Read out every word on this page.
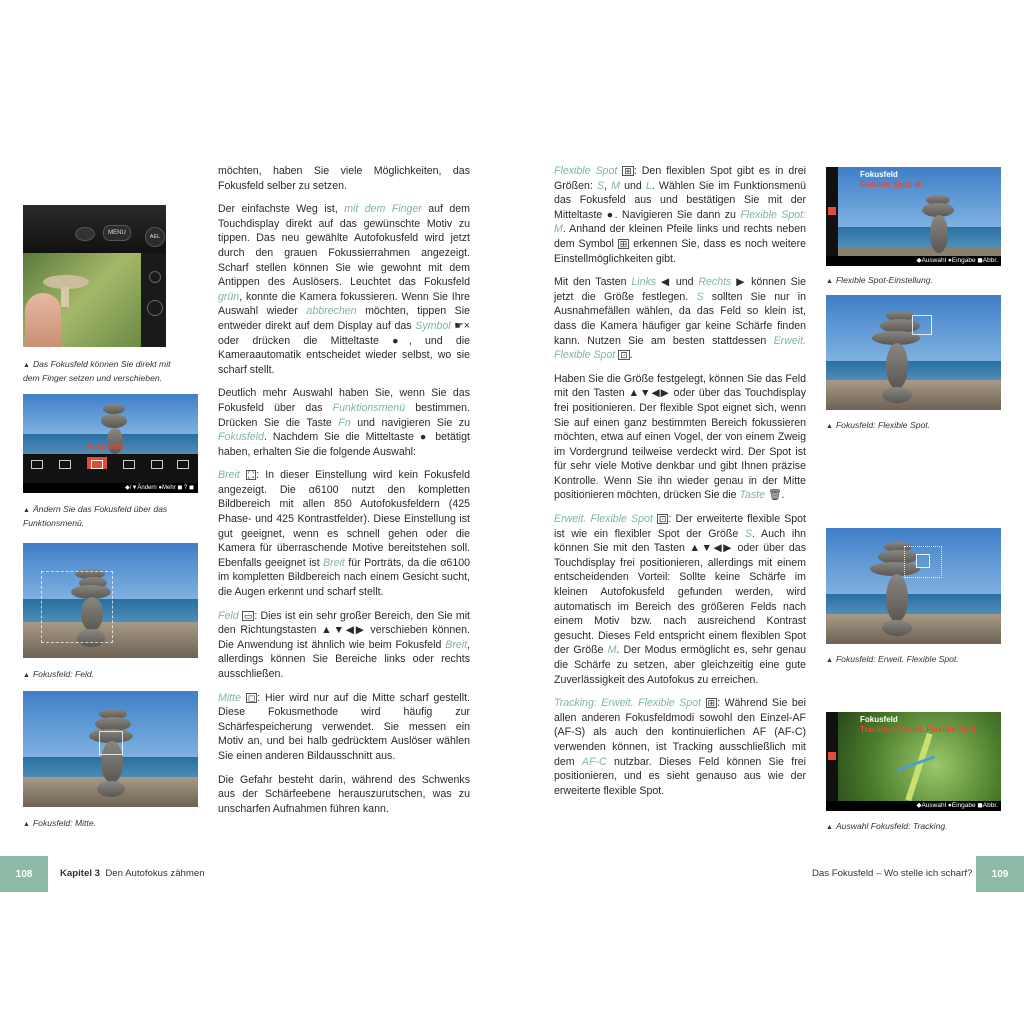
MENU
AEL
▲ Das Fokusfeld können Sie direkt mit dem Finger setzen und verschieben.
Fokusfeld
◆/▼Ändern ●Mehr ◼ ? ◼
▲ Ändern Sie das Fokusfeld über das Funktionsmenü.
▲ Fokusfeld: Feld.
▲ Fokusfeld: Mitte.

möchten, haben Sie viele Möglichkeiten, das Fokusfeld selber zu setzen.

Der einfachste Weg ist, mit dem Finger auf dem Touchdisplay direkt auf das gewünschte Motiv zu tippen. Das neu gewählte Autofokusfeld wird jetzt durch den grauen Fokussierrahmen angezeigt. Scharf stellen können Sie wie gewohnt mit dem Antippen des Auslösers. Leuchtet das Fokusfeld grün, konnte die Kamera fokussieren. Wenn Sie Ihre Auswahl wieder abbrechen möchten, tippen Sie entweder direkt auf dem Display auf das Symbol ☛× oder drücken die Mitteltaste ●, und die Kameraautomatik entscheidet wieder selbst, wo sie scharf stellt.

Deutlich mehr Auswahl haben Sie, wenn Sie das Fokusfeld über das Funktionsmenü bestimmen. Drücken Sie die Taste Fn und navigieren Sie zu Fokusfeld. Nachdem Sie die Mitteltaste ● betätigt haben, erhalten Sie die folgende Auswahl:

Breit ⛶ : In dieser Einstellung wird kein Fokusfeld angezeigt. Die α6100 nutzt den kompletten Bildbereich mit allen 850 Autofokusfeldern (425 Phase- und 425 Kontrastfelder). Diese Einstellung ist gut geeignet, wenn es schnell gehen oder die Kamera für überraschende Motive bereitstehen soll. Ebenfalls geeignet ist Breit für Porträts, da die α6100 im kompletten Bildbereich nach einem Gesicht sucht, die Augen erkennt und scharf stellt.

Feld ▭ : Dies ist ein sehr großer Bereich, den Sie mit den Richtungstasten ▲▼◀▶ verschieben können. Die Anwendung ist ähnlich wie beim Fokusfeld Breit, allerdings können Sie Bereiche links oder rechts ausschließen.

Mitte ◻ : Hier wird nur auf die Mitte scharf gestellt. Diese Fokusmethode wird häufig zur Schärfespeicherung verwendet. Sie messen ein Motiv an, und bei halb gedrücktem Auslöser wählen Sie einen anderen Bildausschnitt aus.

Die Gefahr besteht darin, während des Schwenks aus der Schärfeebene herauszurutschen, was zu unscharfen Aufnahmen führen kann.

Flexible Spot ⊞ : Den flexiblen Spot gibt es in drei Größen: S, M und L. Wählen Sie im Funktionsmenü das Fokusfeld aus und bestätigen Sie mit der Mitteltaste ●. Navigieren Sie dann zu Flexible Spot: M. Anhand der kleinen Pfeile links und rechts neben dem Symbol ⊞ erkennen Sie, dass es noch weitere Einstellmöglichkeiten gibt.

Mit den Tasten Links ◀ und Rechts ▶ können Sie jetzt die Größe festlegen. S sollten Sie nur in Ausnahmefällen wählen, da das Feld so klein ist, dass die Kamera häufiger gar keine Schärfe finden kann. Nutzen Sie am besten stattdessen Erweit. Flexible Spot ⊡ .

Haben Sie die Größe festgelegt, können Sie das Feld mit den Tasten ▲▼◀▶ oder über das Touchdisplay frei positionieren. Der flexible Spot eignet sich, wenn Sie auf einen ganz bestimmten Bereich fokussieren möchten, etwa auf einen Vogel, der von einem Zweig im Vordergrund teilweise verdeckt wird. Der Spot ist für sehr viele Motive denkbar und gibt Ihnen präzise Kontrolle. Wenn Sie ihn wieder genau in der Mitte positionieren möchten, drücken Sie die Taste 🗑.

Erweit. Flexible Spot ⊡ : Der erweiterte flexible Spot ist wie ein flexibler Spot der Größe S. Auch ihn können Sie mit den Tasten ▲▼◀▶ oder über das Touchdisplay frei positionieren, allerdings mit einem entscheidenden Vorteil: Sollte keine Schärfe im kleinen Autofokusfeld gefunden werden, wird automatisch im Bereich des größeren Felds nach einem Motiv bzw. nach ausreichend Kontrast gesucht. Dieses Feld entspricht einem flexiblen Spot der Größe M. Der Modus ermöglicht es, sehr genau die Schärfe zu setzen, aber gleichzeitig eine gute Zuverlässigkeit des Autofokus zu erreichen.

Tracking: Erweit. Flexible Spot ⊞ : Während Sie bei allen anderen Fokusfeldmodi sowohl den Einzel-AF (AF-S) als auch den kontinuierlichen AF (AF-C) verwenden können, ist Tracking ausschließlich mit dem AF-C nutzbar. Dieses Feld können Sie frei positionieren, und es sieht genauso aus wie der erweiterte flexible Spot.

Fokusfeld
Flexible Spot: M
◆Auswahl ●Eingabe ◼Abbr.
▲ Flexible Spot-Einstellung.
▲ Fokusfeld: Flexible Spot.
▲ Fokusfeld: Erweit. Flexible Spot.
Fokusfeld
Tracking: Erweit. Flexible Spot
◆Auswahl ●Eingabe ◼Abbr.
▲ Auswahl Fokusfeld: Tracking.
108	Kapitel 3 Den Autofokus zähmen	Das Fokusfeld – Wo stelle ich scharf?	109
